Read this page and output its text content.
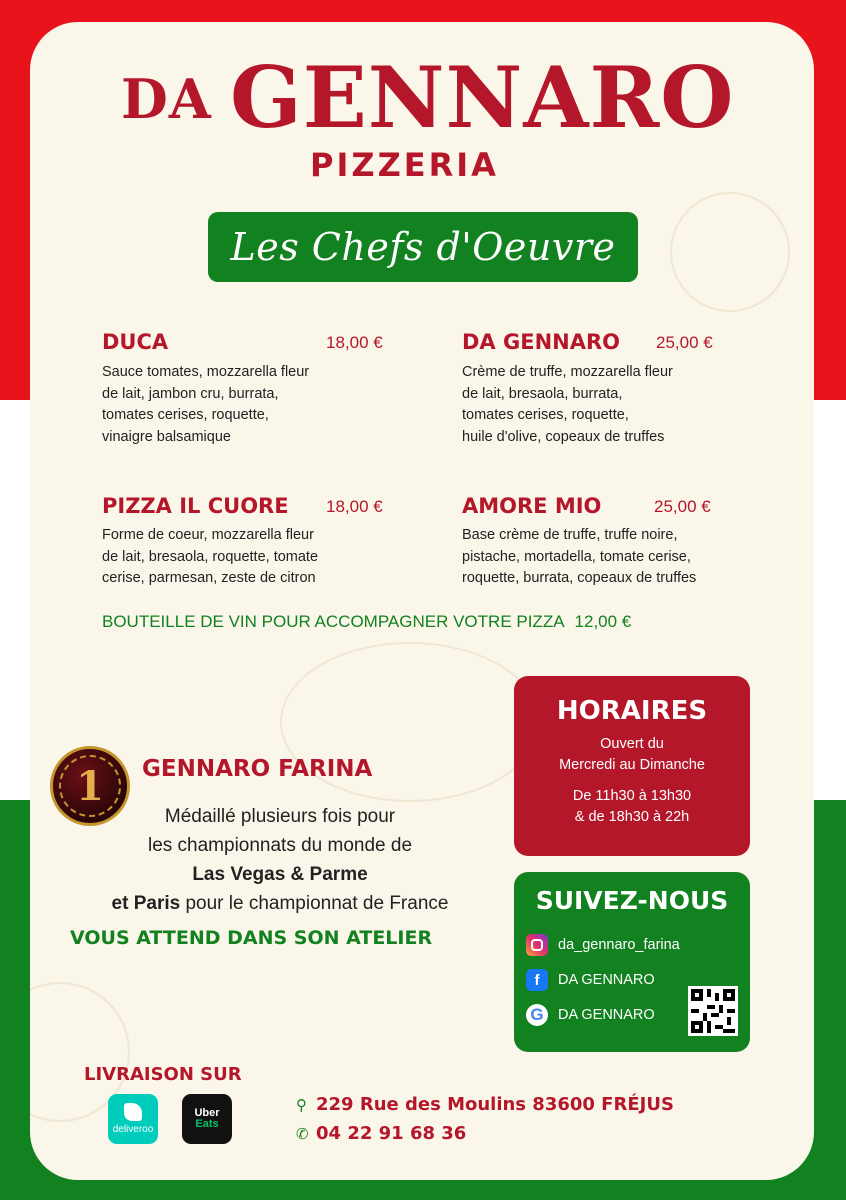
DA GENNARO
PIZZERIA
Les Chefs d'Oeuvre
DUCA	18,00 €
Sauce tomates, mozzarella fleur
de lait, jambon cru, burrata,
tomates cerises, roquette,
vinaigre balsamique
DA GENNARO 25,00 €
Crème de truffe, mozzarella fleur
de lait, bresaola, burrata,
tomates cerises, roquette,
huile d'olive, copeaux de truffes
PIZZA IL CUORE 18,00 €
Forme de coeur, mozzarella fleur
de lait, bresaola, roquette, tomate
cerise, parmesan, zeste de citron
AMORE MIO	25,00 €
Base crème de truffe, truffe noire,
pistache, mortadella, tomate cerise,
roquette, burrata, copeaux de truffes
BOUTEILLE DE VIN POUR ACCOMPAGNER VOTRE PIZZA 12,00 €
HORAIRES
Ouvert du
Mercredi au Dimanche
De 11h30 à 13h30
& de 18h30 à 22h
SUIVEZ-NOUS
da_gennaro_farina
f	DA GENNARO
G DA GENNARO
1 GENNARO FARINA
Médaillé plusieurs fois pour
les championnats du monde de
Las Vegas & Parme
et Paris pour le championnat de France
VOUS ATTEND DANS SON ATELIER
LIVRAISON SUR
deliveroo
Uber
Eats
⚲ 229 Rue des Moulins 83600 FRÉJUS
✆ 04 22 91 68 36
